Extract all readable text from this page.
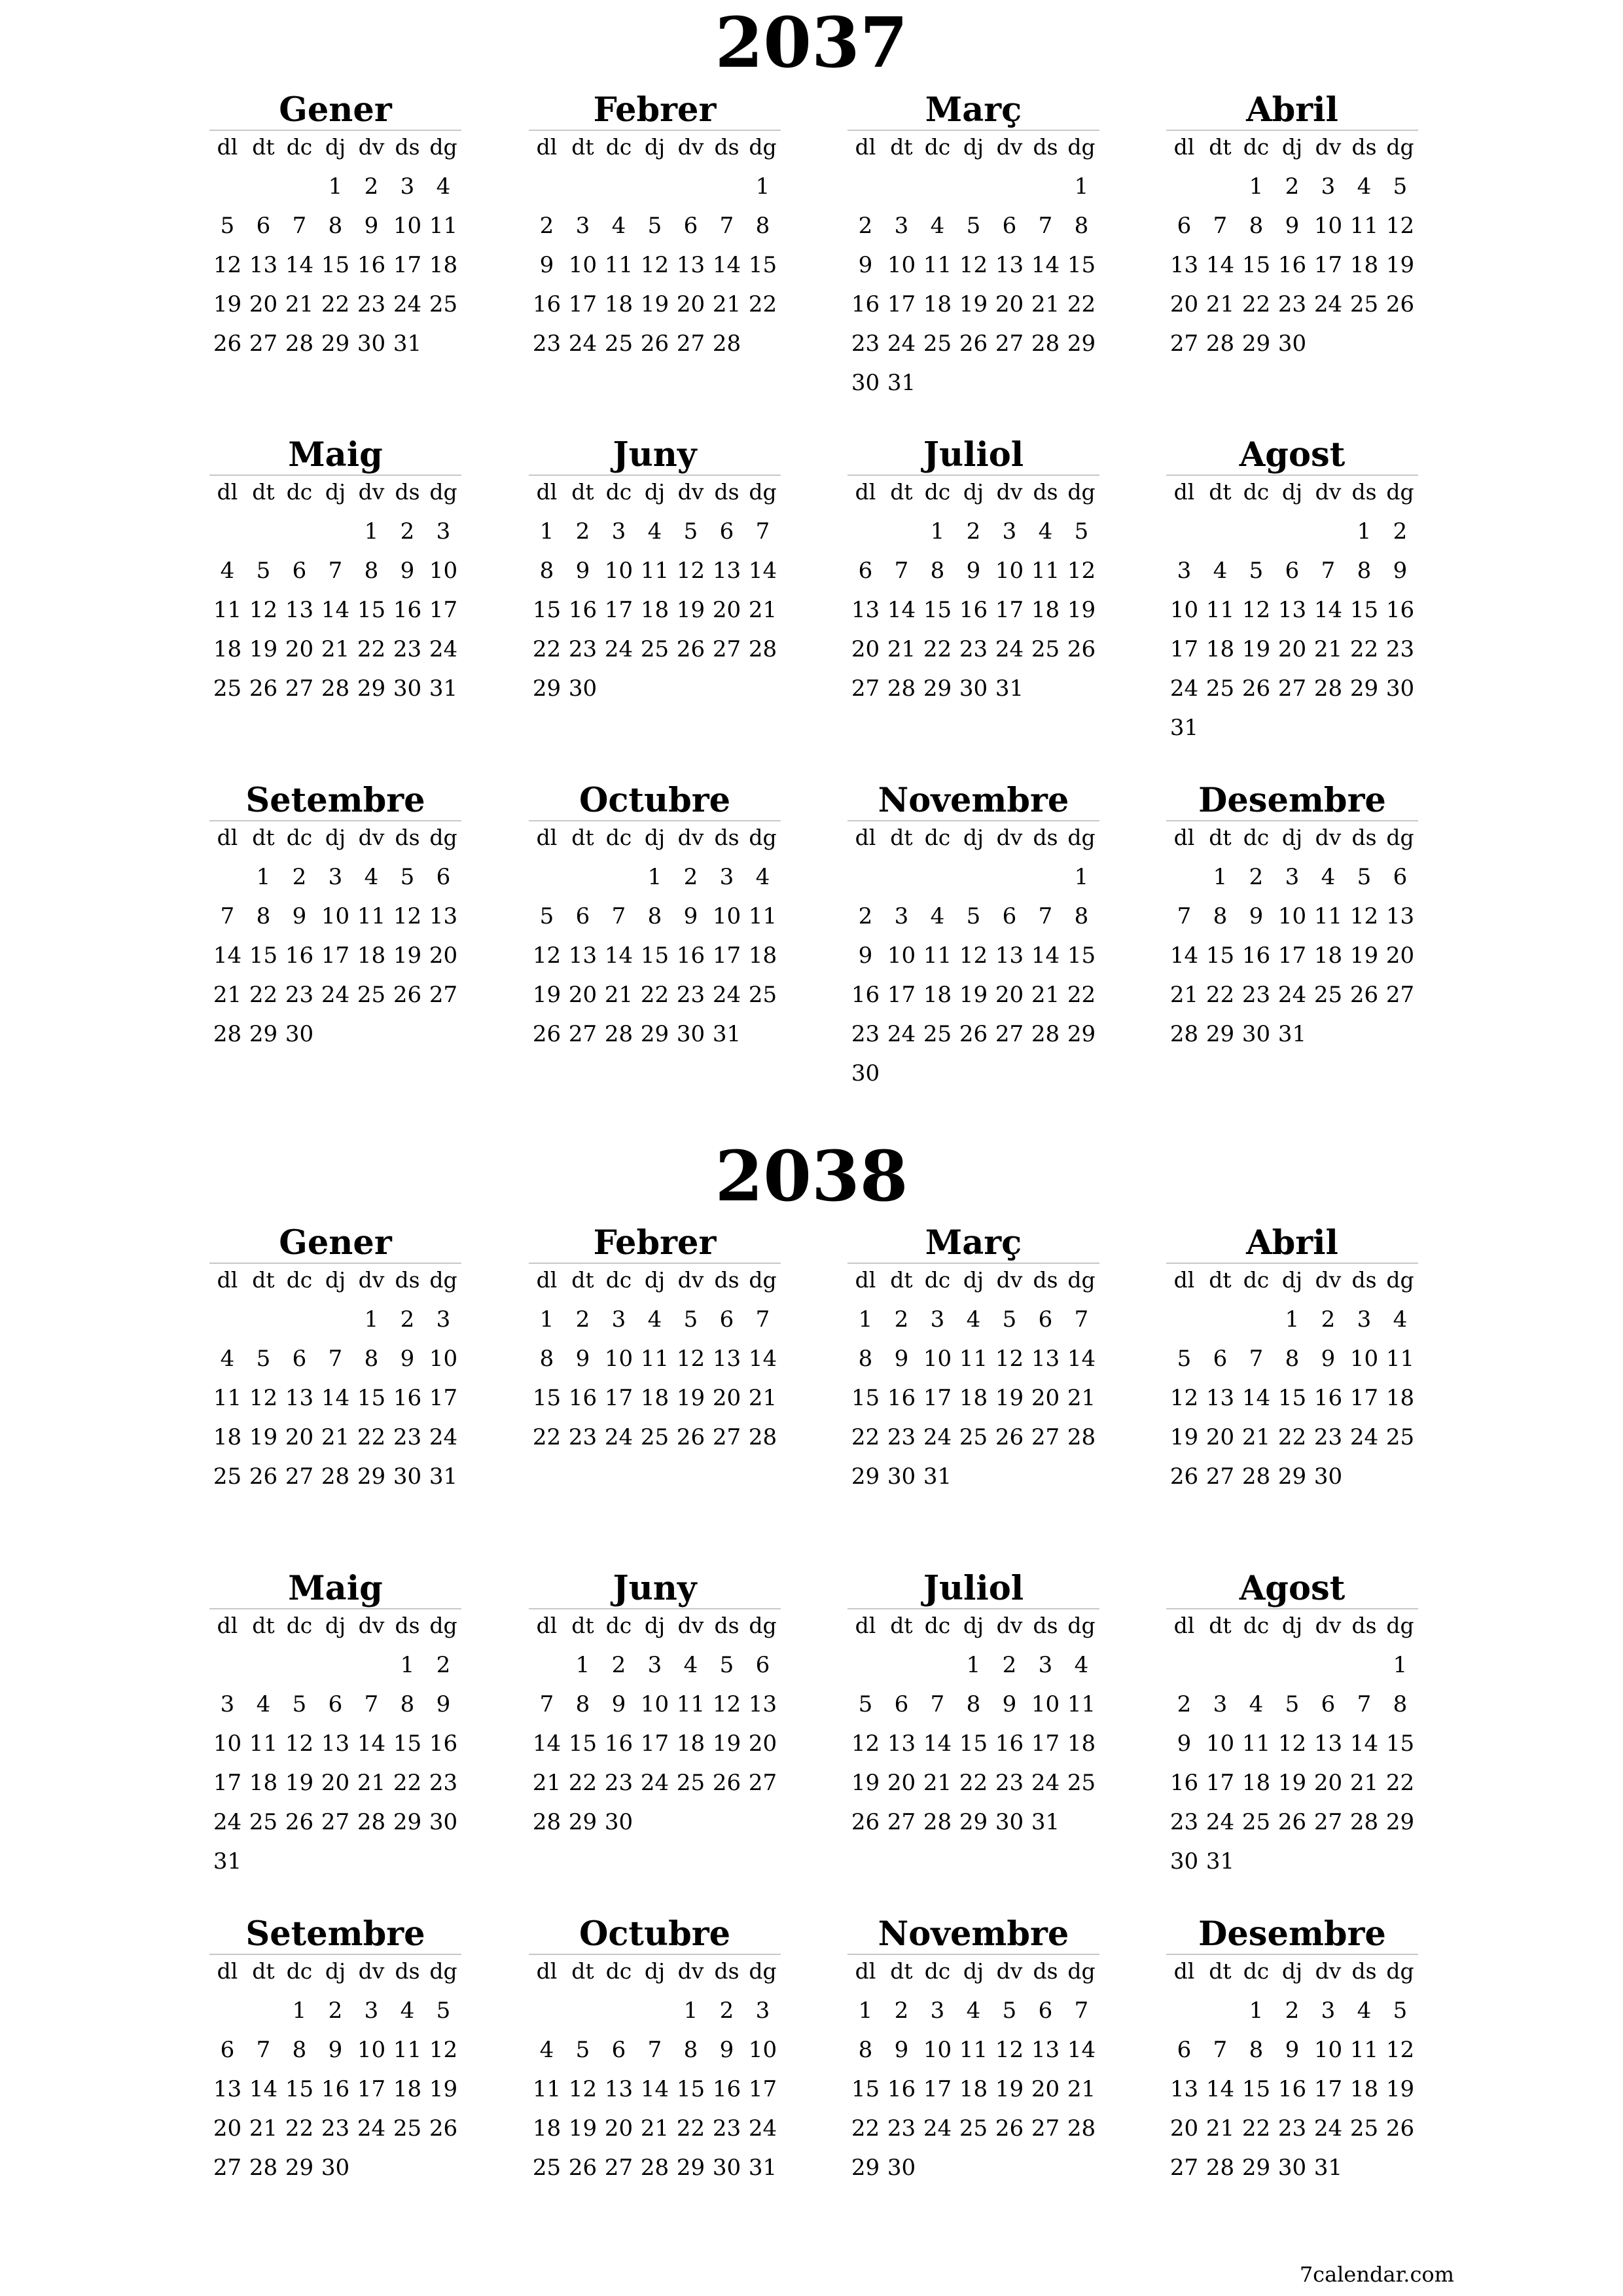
2037
2038
Gener
dl dt dc dj dv ds dg
1 2 3 4
5 6 7 8 9 10 11
12 13 14 15 16 17 18
19 20 21 22 23 24 25
26 27 28 29 30 31
Febrer
dl dt dc dj dv ds dg
1
2 3 4 5 6 7 8
9 10 11 12 13 14 15
16 17 18 19 20 21 22
23 24 25 26 27 28
Març
dl dt dc dj dv ds dg
1
2 3 4 5 6 7 8
9 10 11 12 13 14 15
16 17 18 19 20 21 22
23 24 25 26 27 28 29
30 31
Abril
dl dt dc dj dv ds dg
1 2 3 4 5
6 7 8 9 10 11 12
13 14 15 16 17 18 19
20 21 22 23 24 25 26
27 28 29 30
Maig
dl dt dc dj dv ds dg
1 2 3
4 5 6 7 8 9 10
11 12 13 14 15 16 17
18 19 20 21 22 23 24
25 26 27 28 29 30 31
Juny
dl dt dc dj dv ds dg
1 2 3 4 5 6 7
8 9 10 11 12 13 14
15 16 17 18 19 20 21
22 23 24 25 26 27 28
29 30
Juliol
dl dt dc dj dv ds dg
1 2 3 4 5
6 7 8 9 10 11 12
13 14 15 16 17 18 19
20 21 22 23 24 25 26
27 28 29 30 31
Agost
dl dt dc dj dv ds dg
1 2
3 4 5 6 7 8 9
10 11 12 13 14 15 16
17 18 19 20 21 22 23
24 25 26 27 28 29 30
31
Setembre
dl dt dc dj dv ds dg
1 2 3 4 5 6
7 8 9 10 11 12 13
14 15 16 17 18 19 20
21 22 23 24 25 26 27
28 29 30
Octubre
dl dt dc dj dv ds dg
1 2 3 4
5 6 7 8 9 10 11
12 13 14 15 16 17 18
19 20 21 22 23 24 25
26 27 28 29 30 31
Novembre
dl dt dc dj dv ds dg
1
2 3 4 5 6 7 8
9 10 11 12 13 14 15
16 17 18 19 20 21 22
23 24 25 26 27 28 29
30
Desembre
dl dt dc dj dv ds dg
1 2 3 4 5 6
7 8 9 10 11 12 13
14 15 16 17 18 19 20
21 22 23 24 25 26 27
28 29 30 31
Gener
dl dt dc dj dv ds dg
1 2 3
4 5 6 7 8 9 10
11 12 13 14 15 16 17
18 19 20 21 22 23 24
25 26 27 28 29 30 31
Febrer
dl dt dc dj dv ds dg
1 2 3 4 5 6 7
8 9 10 11 12 13 14
15 16 17 18 19 20 21
22 23 24 25 26 27 28
Març
dl dt dc dj dv ds dg
1 2 3 4 5 6 7
8 9 10 11 12 13 14
15 16 17 18 19 20 21
22 23 24 25 26 27 28
29 30 31
Abril
dl dt dc dj dv ds dg
1 2 3 4
5 6 7 8 9 10 11
12 13 14 15 16 17 18
19 20 21 22 23 24 25
26 27 28 29 30
Maig
dl dt dc dj dv ds dg
1 2
3 4 5 6 7 8 9
10 11 12 13 14 15 16
17 18 19 20 21 22 23
24 25 26 27 28 29 30
31
Juny
dl dt dc dj dv ds dg
1 2 3 4 5 6
7 8 9 10 11 12 13
14 15 16 17 18 19 20
21 22 23 24 25 26 27
28 29 30
Juliol
dl dt dc dj dv ds dg
1 2 3 4
5 6 7 8 9 10 11
12 13 14 15 16 17 18
19 20 21 22 23 24 25
26 27 28 29 30 31
Agost
dl dt dc dj dv ds dg
1
2 3 4 5 6 7 8
9 10 11 12 13 14 15
16 17 18 19 20 21 22
23 24 25 26 27 28 29
30 31
Setembre
dl dt dc dj dv ds dg
1 2 3 4 5
6 7 8 9 10 11 12
13 14 15 16 17 18 19
20 21 22 23 24 25 26
27 28 29 30
Octubre
dl dt dc dj dv ds dg
1 2 3
4 5 6 7 8 9 10
11 12 13 14 15 16 17
18 19 20 21 22 23 24
25 26 27 28 29 30 31
Novembre
dl dt dc dj dv ds dg
1 2 3 4 5 6 7
8 9 10 11 12 13 14
15 16 17 18 19 20 21
22 23 24 25 26 27 28
29 30
Desembre
dl dt dc dj dv ds dg
1 2 3 4 5
6 7 8 9 10 11 12
13 14 15 16 17 18 19
20 21 22 23 24 25 26
27 28 29 30 31
7calendar.com
